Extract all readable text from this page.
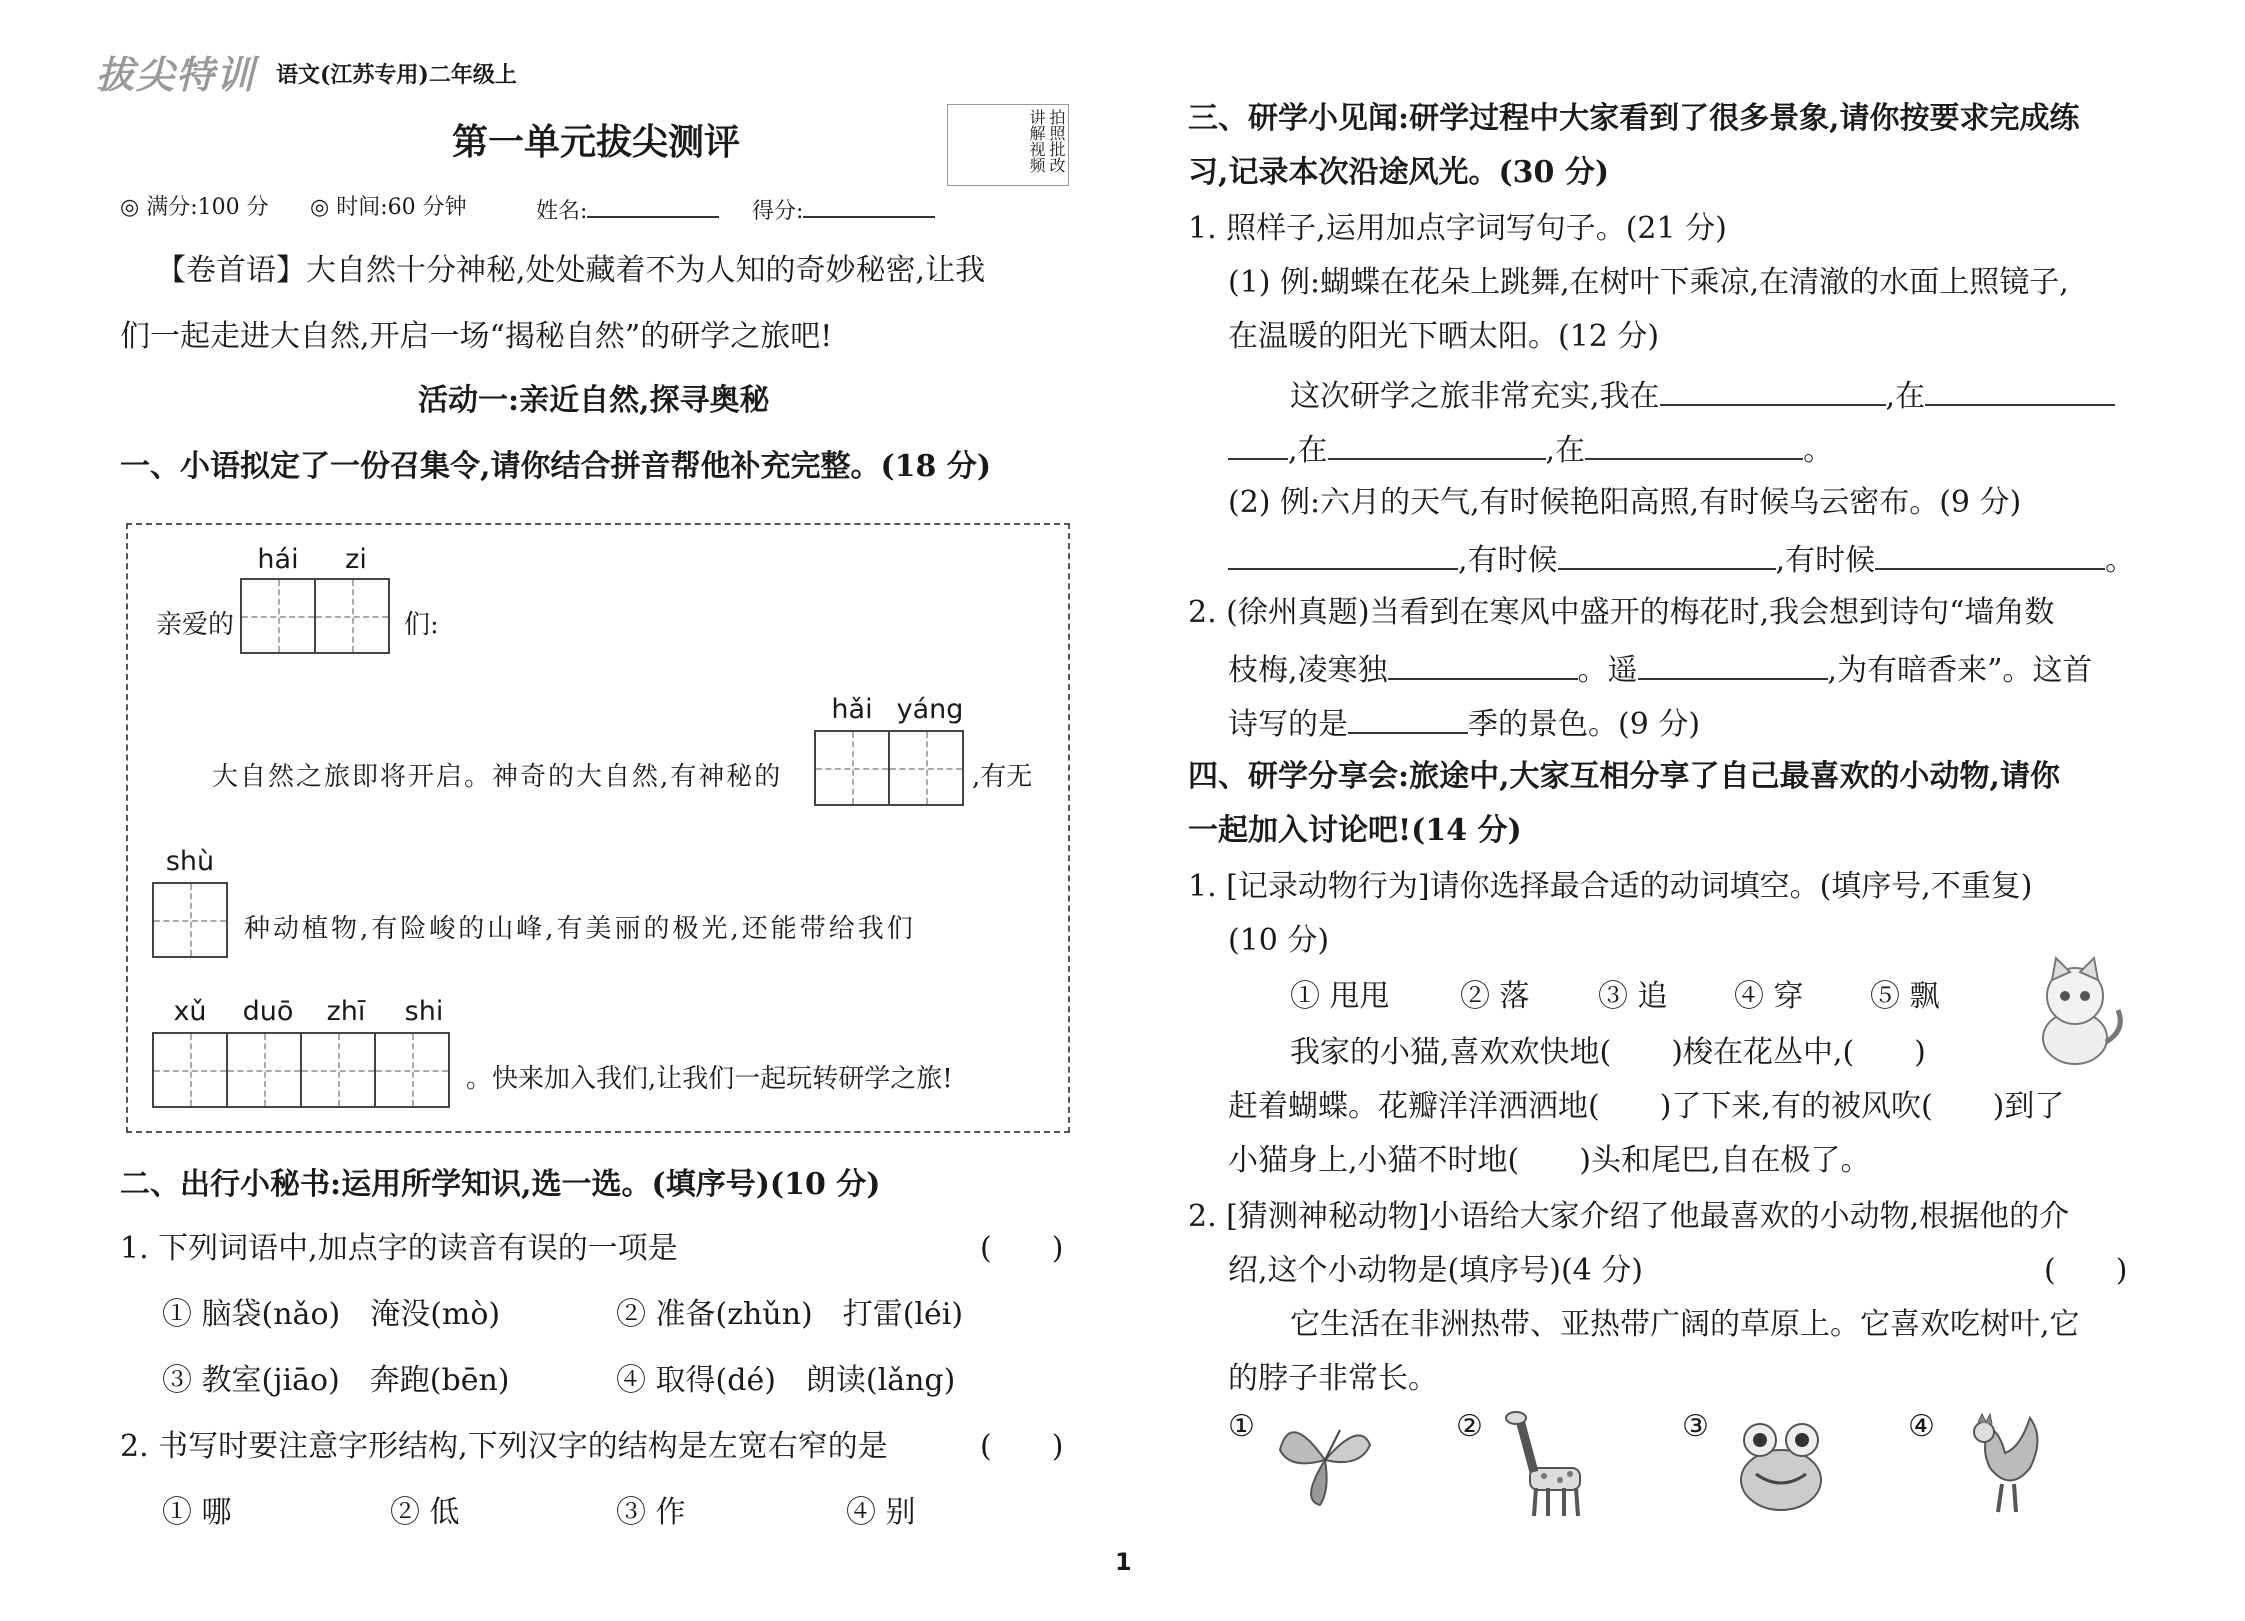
拔尖特训 语文(江苏专用)二年级上
第一单元拔尖测评	拍照批改
讲解视频
◎ 满分:100 分 ◎ 时间:60 分钟	姓名:	得分:
【卷首语】大自然十分神秘,处处藏着不为人知的奇妙秘密,让我
们一起走进大自然,开启一场“揭秘自然”的研学之旅吧!
活动一:亲近自然,探寻奥秘
一、小语拟定了一份召集令,请你结合拼音帮他补充完整。(18 分)
亲爱的
hái	zi
们:
大自然之旅即将开启。神奇的大自然,有神秘的
hǎi yáng
,有无
shù
种动植物,有险峻的山峰,有美丽的极光,还能带给我们
xǔ	duō	zhī	shi
。快来加入我们,让我们一起玩转研学之旅!
二、出行小秘书:运用所学知识,选一选。(填序号)(10 分)
1. 下列词语中,加点字的读音有误的一项是	(　　)
① 脑袋(nǎo)　淹没(mò)	② 准备(zhǔn)　打雷(léi)
③ 教室(jiāo)　奔跑(bēn)	④ 取得(dé)　朗读(lǎng)
2. 书写时要注意字形结构,下列汉字的结构是左宽右窄的是	(　　)
① 哪	② 低	③ 作	④ 别
三、研学小见闻:研学过程中大家看到了很多景象,请你按要求完成练
习,记录本次沿途风光。(30 分)
1. 照样子,运用加点字词写句子。(21 分)
(1) 例:蝴蝶在花朵上跳舞,在树叶下乘凉,在清澈的水面上照镜子,
在温暖的阳光下晒太阳。(12 分)
这次研学之旅非常充实,我在	,在
,在	,在	。
(2) 例:六月的天气,有时候艳阳高照,有时候乌云密布。(9 分)
,有时候	,有时候	。
2. (徐州真题)当看到在寒风中盛开的梅花时,我会想到诗句“墙角数
枝梅,凌寒独	。遥	,为有暗香来”。这首
诗写的是	季的景色。(9 分)
四、研学分享会:旅途中,大家互相分享了自己最喜欢的小动物,请你
一起加入讨论吧!(14 分)
1. [记录动物行为]请你选择最合适的动词填空。(填序号,不重复)
(10 分)
① 甩甩 ② 落 ③ 追 ④ 穿 ⑤ 飘
我家的小猫,喜欢欢快地(　　)梭在花丛中,(　　)
赶着蝴蝶。花瓣洋洋洒洒地(　　)了下来,有的被风吹(　　)到了
小猫身上,小猫不时地(　　)头和尾巴,自在极了。
2. [猜测神秘动物]小语给大家介绍了他最喜欢的小动物,根据他的介
绍,这个小动物是(填序号)(4 分)	(　　)
它生活在非洲热带、亚热带广阔的草原上。它喜欢吃树叶,它
的脖子非常长。
①	②	③	④
1
